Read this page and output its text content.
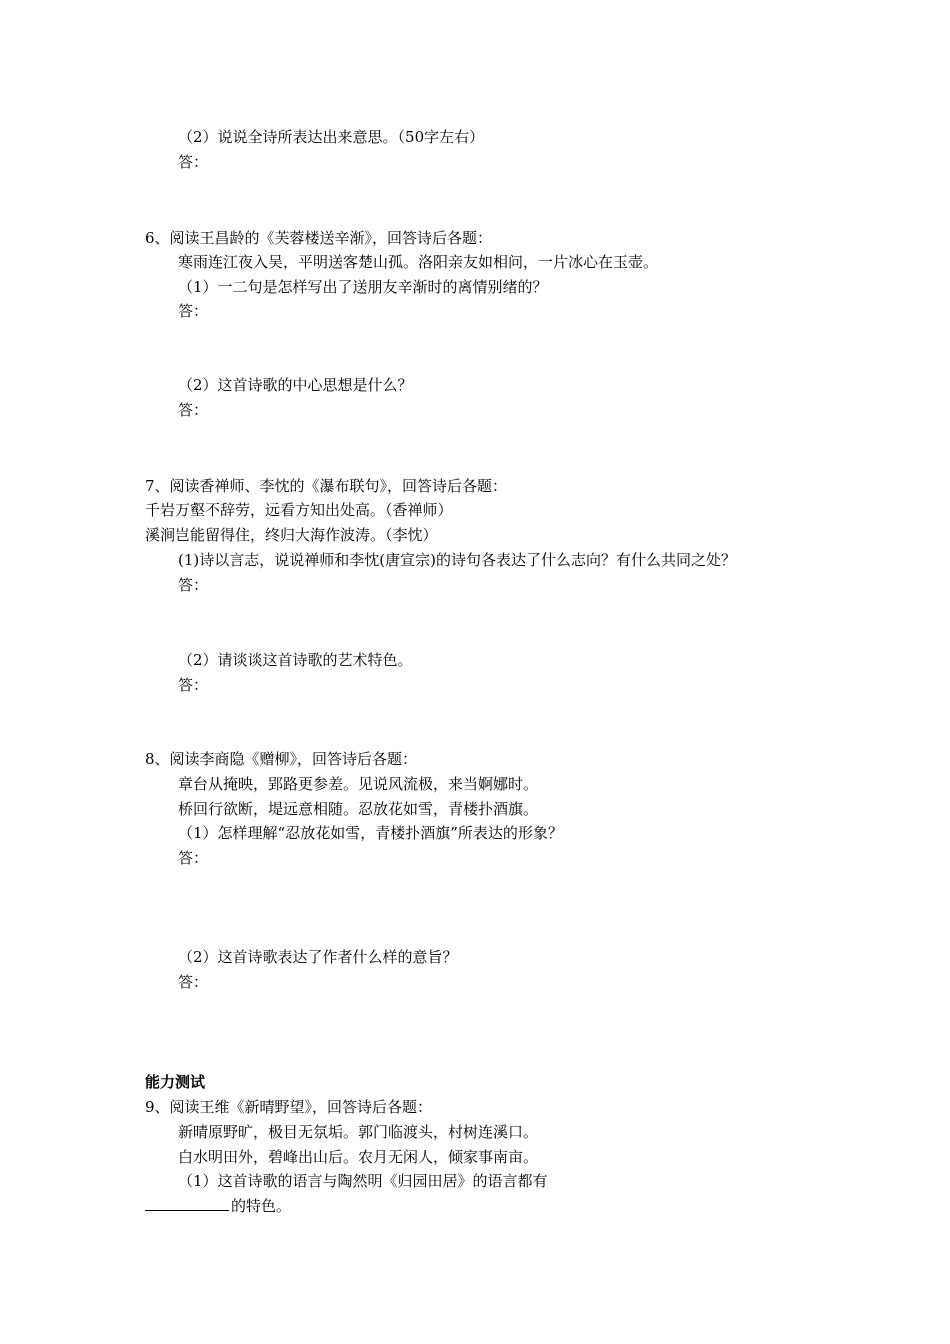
（2）说说全诗所表达出来意思。（50字左右）
答：
6、阅读王昌龄的《芙蓉楼送辛渐》，回答诗后各题：
寒雨连江夜入吴，平明送客楚山孤。洛阳亲友如相问，一片冰心在玉壶。
（1）一二句是怎样写出了送朋友辛渐时的离情别绪的？
答：
（2）这首诗歌的中心思想是什么？
答：
7、阅读香禅师、李忱的《瀑布联句》，回答诗后各题：
千岩万壑不辞劳，远看方知出处高。（香禅师）
溪涧岂能留得住，终归大海作波涛。（李忱）
(1)诗以言志，说说禅师和李忱(唐宣宗)的诗句各表达了什么志向？有什么共同之处？
答：
（2）请谈谈这首诗歌的艺术特色。
答：
8、阅读李商隐《赠柳》，回答诗后各题：
章台从掩映，郢路更参差。见说风流极，来当婀娜时。
桥回行欲断，堤远意相随。忍放花如雪，青楼扑酒旗。
（1）怎样理解“忍放花如雪，青楼扑酒旗”所表达的形象？
答：
（2）这首诗歌表达了作者什么样的意旨？
答：
能力测试
9、阅读王维《新晴野望》，回答诗后各题：
新晴原野旷，极目无氛垢。郭门临渡头，村树连溪口。
白水明田外，碧峰出山后。农月无闲人，倾家事南亩。
（1）这首诗歌的语言与陶然明《归园田居》的语言都有
的特色。
